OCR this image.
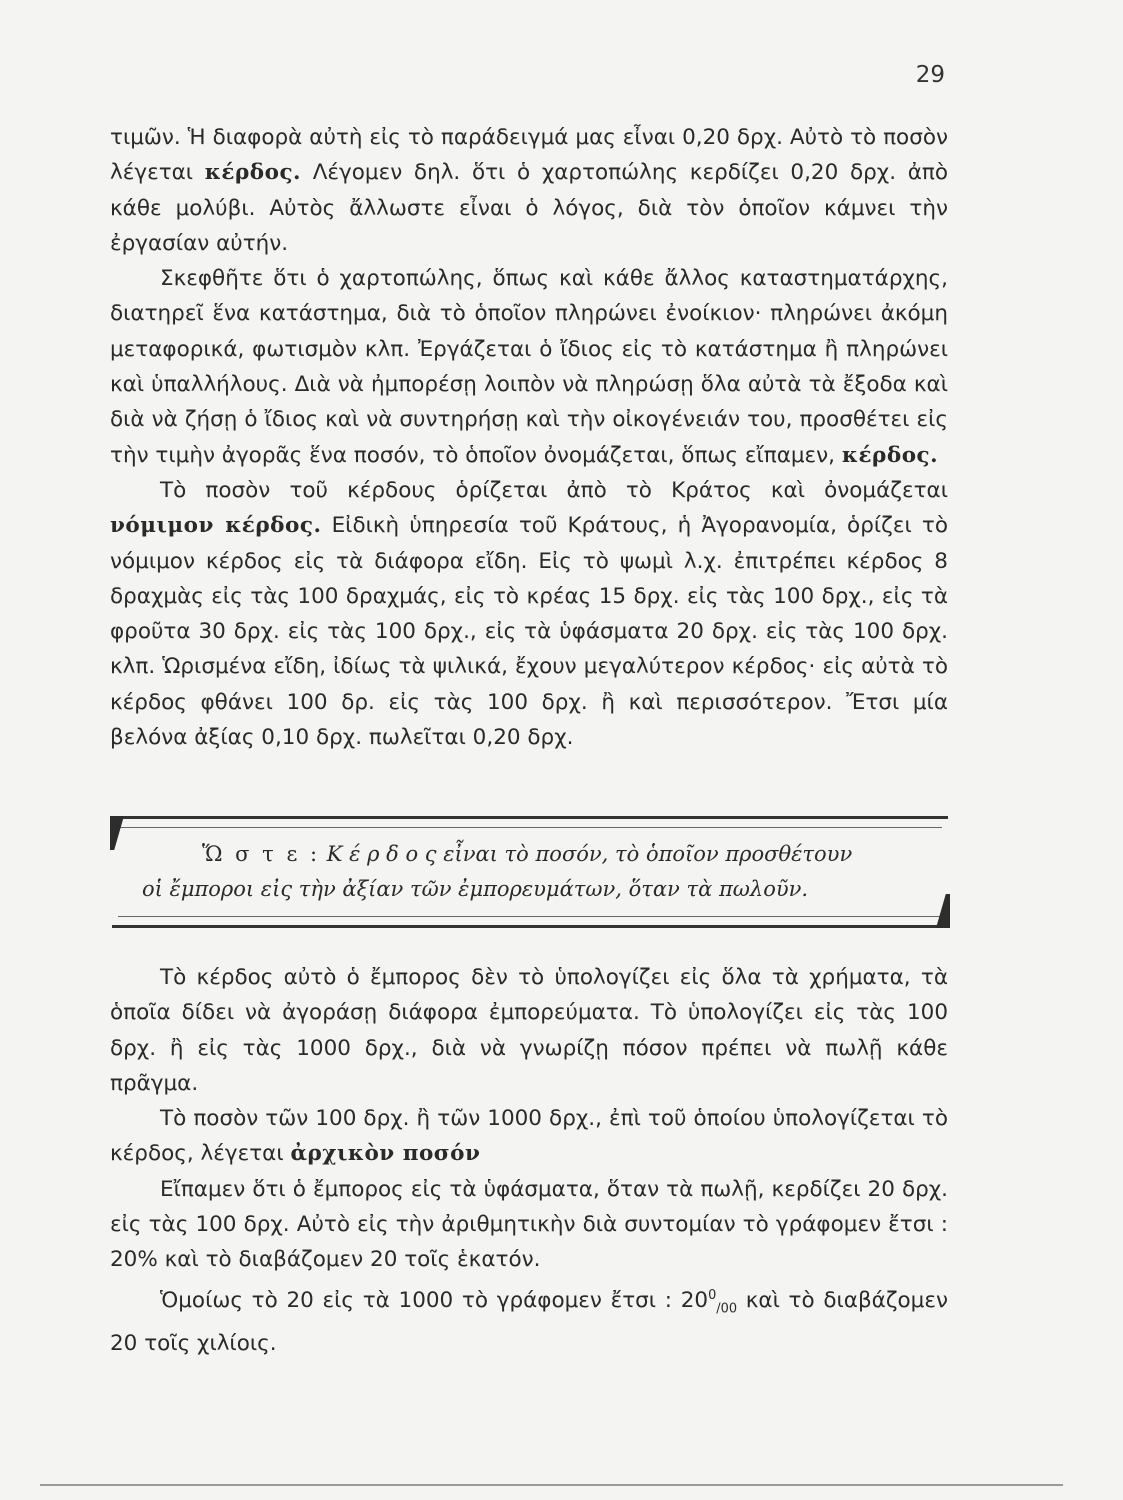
29

τιμῶν. Ἡ διαφορὰ αὐτὴ εἰς τὸ παράδειγμά μας εἶναι 0,20 δρχ. Αὐτὸ τὸ ποσὸν λέγεται κέρδος. Λέγομεν δηλ. ὅτι ὁ χαρτοπώλης κερδίζει 0,20 δρχ. ἀπὸ κάθε μολύβι. Αὐτὸς ἄλλωστε εἶναι ὁ λόγος, διὰ τὸν ὁποῖον κάμνει τὴν ἐργασίαν αὐτήν.

Σκεφθῆτε ὅτι ὁ χαρτοπώλης, ὅπως καὶ κάθε ἄλλος καταστηματάρχης, διατηρεῖ ἕνα κατάστημα, διὰ τὸ ὁποῖον πληρώνει ἐνοίκιον· πληρώνει ἀκόμη μεταφορικά, φωτισμὸν κλπ. Ἐργάζεται ὁ ἴδιος εἰς τὸ κατάστημα ἢ πληρώνει καὶ ὑπαλλήλους. Διὰ νὰ ἠμπορέσῃ λοιπὸν νὰ πληρώσῃ ὅλα αὐτὰ τὰ ἔξοδα καὶ διὰ νὰ ζήσῃ ὁ ἴδιος καὶ νὰ συντηρήσῃ καὶ τὴν οἰκογένειάν του, προσθέτει εἰς τὴν τιμὴν ἀγορᾶς ἕνα ποσόν, τὸ ὁποῖον ὀνομάζεται, ὅπως εἴπαμεν, κέρδος.

Τὸ ποσὸν τοῦ κέρδους ὁρίζεται ἀπὸ τὸ Κράτος καὶ ὀνομάζεται νόμιμον κέρδος. Εἰδικὴ ὑπηρεσία τοῦ Κράτους, ἡ Ἀγορανομία, ὁρίζει τὸ νόμιμον κέρδος εἰς τὰ διάφορα εἴδη. Εἰς τὸ ψωμὶ λ.χ. ἐπιτρέπει κέρδος 8 δραχμὰς εἰς τὰς 100 δραχμάς, εἰς τὸ κρέας 15 δρχ. εἰς τὰς 100 δρχ., εἰς τὰ φροῦτα 30 δρχ. εἰς τὰς 100 δρχ., εἰς τὰ ὑφάσματα 20 δρχ. εἰς τὰς 100 δρχ. κλπ. Ὡρισμένα εἴδη, ἰδίως τὰ ψιλικά, ἔχουν μεγαλύτερον κέρδος· εἰς αὐτὰ τὸ κέρδος φθάνει 100 δρ. εἰς τὰς 100 δρχ. ἢ καὶ περισσότερον. Ἔτσι μία βελόνα ἀξίας 0,10 δρχ. πωλεῖται 0,20 δρχ.

Ὥ σ τ ε : Κ έ ρ δ ο ς εἶναι τὸ ποσόν, τὸ ὁποῖον προσθέτουν
οἱ ἔμποροι εἰς τὴν ἀξίαν τῶν ἐμπορευμάτων, ὅταν τὰ πωλοῦν.

Τὸ κέρδος αὐτὸ ὁ ἔμπορος δὲν τὸ ὑπολογίζει εἰς ὅλα τὰ χρήματα, τὰ ὁποῖα δίδει νὰ ἀγοράσῃ διάφορα ἐμπορεύματα. Τὸ ὑπολογίζει εἰς τὰς 100 δρχ. ἢ εἰς τὰς 1000 δρχ., διὰ νὰ γνωρίζῃ πόσον πρέπει νὰ πωλῇ κάθε πρᾶγμα.

Τὸ ποσὸν τῶν 100 δρχ. ἢ τῶν 1000 δρχ., ἐπὶ τοῦ ὁποίου ὑπολογίζεται τὸ κέρδος, λέγεται ἀρχικὸν ποσόν

Εἴπαμεν ὅτι ὁ ἔμπορος εἰς τὰ ὑφάσματα, ὅταν τὰ πωλῇ, κερδίζει 20 δρχ. εἰς τὰς 100 δρχ. Αὐτὸ εἰς τὴν ἀριθμητικὴν διὰ συντομίαν τὸ γράφομεν ἔτσι : 20% καὶ τὸ διαβάζομεν 20 τοῖς ἑκατόν.

Ὁμοίως τὸ 20 εἰς τὰ 1000 τὸ γράφομεν ἔτσι : $20^0_{/00}$ καὶ τὸ διαβάζομεν 20 τοῖς χιλίοις.
